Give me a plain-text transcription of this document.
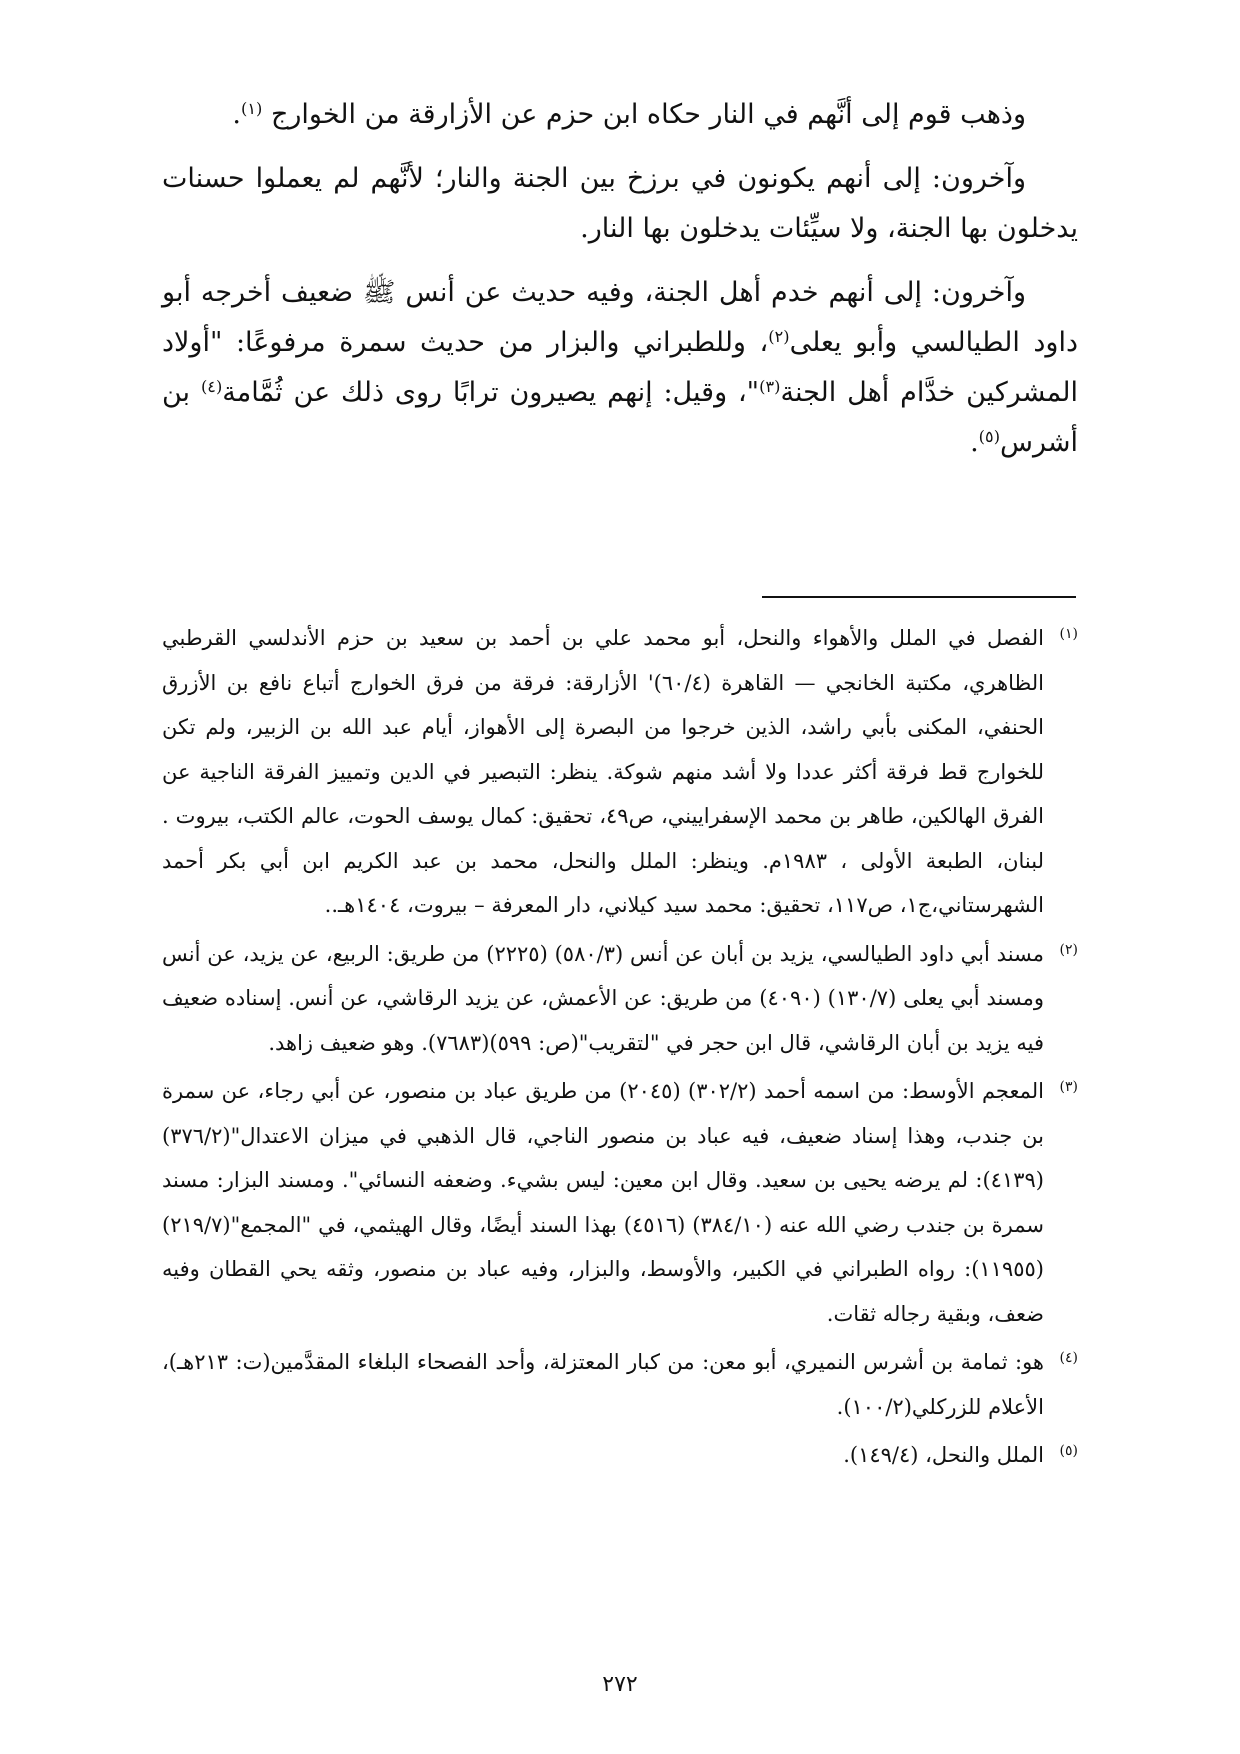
وذهب قوم إلى أنَّهم في النار حكاه ابن حزم عن الأزارقة من الخوارج $^{(١)}$.

وآخرون: إلى أنهم يكونون في برزخ بين الجنة والنار؛ لأنَّهم لم يعملوا حسنات يدخلون بها الجنة، ولا سيِّئات يدخلون بها النار.

وآخرون: إلى أنهم خدم أهل الجنة، وفيه حديث عن أنس ﷺ ضعيف أخرجه أبو داود الطيالسي وأبو يعلى$^{(٢)}$، وللطبراني والبزار من حديث سمرة مرفوعًا: "أولاد المشركين خدَّام أهل الجنة$^{(٣)}$"، وقيل: إنهم يصيرون ترابًا روى ذلك عن ثُمَّامة$^{(٤)}$ بن أشرس$^{(٥)}$.

(١)الفصل في الملل والأهواء والنحل، أبو محمد علي بن أحمد بن سعيد بن حزم الأندلسي القرطبي الظاهري، مكتبة الخانجي — القاهرة (٦٠/٤)' الأزارقة: فرقة من فرق الخوارج أتباع نافع بن الأزرق الحنفي، المكنى بأبي راشد، الذين خرجوا من البصرة إلى الأهواز، أيام عبد الله بن الزبير، ولم تكن للخوارج قط فرقة أكثر عددا ولا أشد منهم شوكة. ينظر: التبصير في الدين وتمييز الفرقة الناجية عن الفرق الهالكين، طاهر بن محمد الإسفراييني، ص٤٩، تحقيق: كمال يوسف الحوت، عالم الكتب، بيروت . لبنان، الطبعة الأولى ، ١٩٨٣م. وينظر: الملل والنحل، محمد بن عبد الكريم ابن أبي بكر أحمد الشهرستاني،ج١، ص١١٧، تحقيق: محمد سيد كيلاني، دار المعرفة – بيروت، ١٤٠٤هـ..

(٢)مسند أبي داود الطيالسي، يزيد بن أبان عن أنس (٥٨٠/٣) (٢٢٢٥) من طريق: الربيع، عن يزيد، عن أنس ومسند أبي يعلى (١٣٠/٧) (٤٠٩٠) من طريق: عن الأعمش، عن يزيد الرقاشي، عن أنس. إسناده ضعيف فيه يزيد بن أبان الرقاشي، قال ابن حجر في "لتقريب"(ص: ٥٩٩)(٧٦٨٣). وهو ضعيف زاهد.

(٣)المعجم الأوسط: من اسمه أحمد (٣٠٢/٢) (٢٠٤٥) من طريق عباد بن منصور، عن أبي رجاء، عن سمرة بن جندب، وهذا إسناد ضعيف، فيه عباد بن منصور الناجي، قال الذهبي في ميزان الاعتدال"(٣٧٦/٢)(٤١٣٩): لم يرضه يحيى بن سعيد. وقال ابن معين: ليس بشيء. وضعفه النسائي". ومسند البزار: مسند سمرة بن جندب رضي الله عنه (٣٨٤/١٠) (٤٥١٦) بهذا السند أيضًا، وقال الهيثمي، في "المجمع"(٢١٩/٧)(١١٩٥٥): رواه الطبراني في الكبير، والأوسط، والبزار، وفيه عباد بن منصور، وثقه يحي القطان وفيه ضعف، وبقية رجاله ثقات.

(٤)هو: ثمامة بن أشرس النميري، أبو معن: من كبار المعتزلة، وأحد الفصحاء البلغاء المقدَّمين(ت: ٢١٣هـ)، الأعلام للزركلي(١٠٠/٢).

(٥)الملل والنحل، (١٤٩/٤).

٢٧٢
